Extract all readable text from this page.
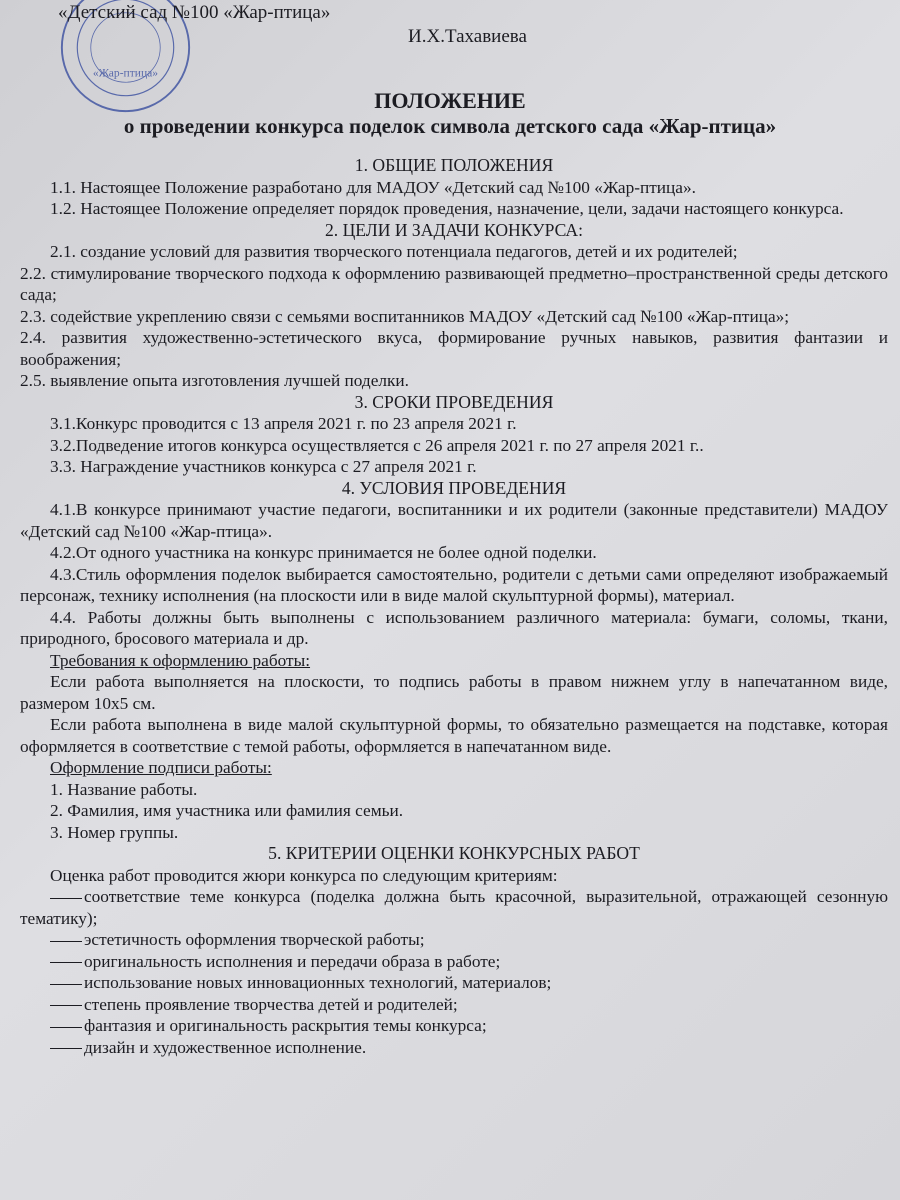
«Жар-птица»
«Детский сад №100 «Жар-птица»
И.Х.Тахавиева
ПОЛОЖЕНИЕ
о проведении конкурса поделок символа детского сада «Жар-птица»
1. ОБЩИЕ ПОЛОЖЕНИЯ
1.1. Настоящее Положение разработано для МАДОУ «Детский сад №100 «Жар-птица».
1.2. Настоящее Положение определяет порядок проведения, назначение, цели, задачи настоящего конкурса.
2. ЦЕЛИ И ЗАДАЧИ КОНКУРСА:
2.1. создание условий для развития творческого потенциала педагогов, детей и их родителей;
2.2. стимулирование творческого подхода к оформлению развивающей предметно–пространственной среды детского сада;
2.3. содействие укреплению связи с семьями воспитанников МАДОУ «Детский сад №100 «Жар-птица»;
2.4. развития художественно-эстетического вкуса, формирование ручных навыков, развития фантазии и воображения;
2.5. выявление опыта изготовления лучшей поделки.
3. СРОКИ ПРОВЕДЕНИЯ
3.1.Конкурс проводится с 13 апреля 2021 г. по 23 апреля 2021 г.
3.2.Подведение итогов конкурса осуществляется с 26 апреля 2021 г. по 27 апреля 2021 г..
3.3. Награждение участников конкурса с 27 апреля 2021 г.
4. УСЛОВИЯ ПРОВЕДЕНИЯ
4.1.В конкурсе принимают участие педагоги, воспитанники и их родители (законные представители) МАДОУ «Детский сад №100 «Жар-птица».
4.2.От одного участника на конкурс принимается не более одной поделки.
4.3.Стиль оформления поделок выбирается самостоятельно, родители с детьми сами определяют изображаемый персонаж, технику исполнения (на плоскости или в виде малой скульптурной формы), материал.
4.4. Работы должны быть выполнены с использованием различного материала: бумаги, соломы, ткани, природного, бросового материала и др.
Требования к оформлению работы:
Если работа выполняется на плоскости, то подпись работы в правом нижнем углу в напечатанном виде, размером 10х5 см.
Если работа выполнена в виде малой скульптурной формы, то обязательно размещается на подставке, которая оформляется в соответствие с темой работы, оформляется в напечатанном виде.
Оформление подписи работы:
1. Название работы.
2. Фамилия, имя участника или фамилия семьи.
3. Номер группы.
5. КРИТЕРИИ ОЦЕНКИ КОНКУРСНЫХ РАБОТ
Оценка работ проводится жюри конкурса по следующим критериям:
соответствие теме конкурса (поделка должна быть красочной, выразительной, отражающей сезонную тематику);
эстетичность оформления творческой работы;
оригинальность исполнения и передачи образа в работе;
использование новых инновационных технологий, материалов;
степень проявление творчества детей и родителей;
фантазия и оригинальность раскрытия темы конкурса;
дизайн и художественное исполнение.
